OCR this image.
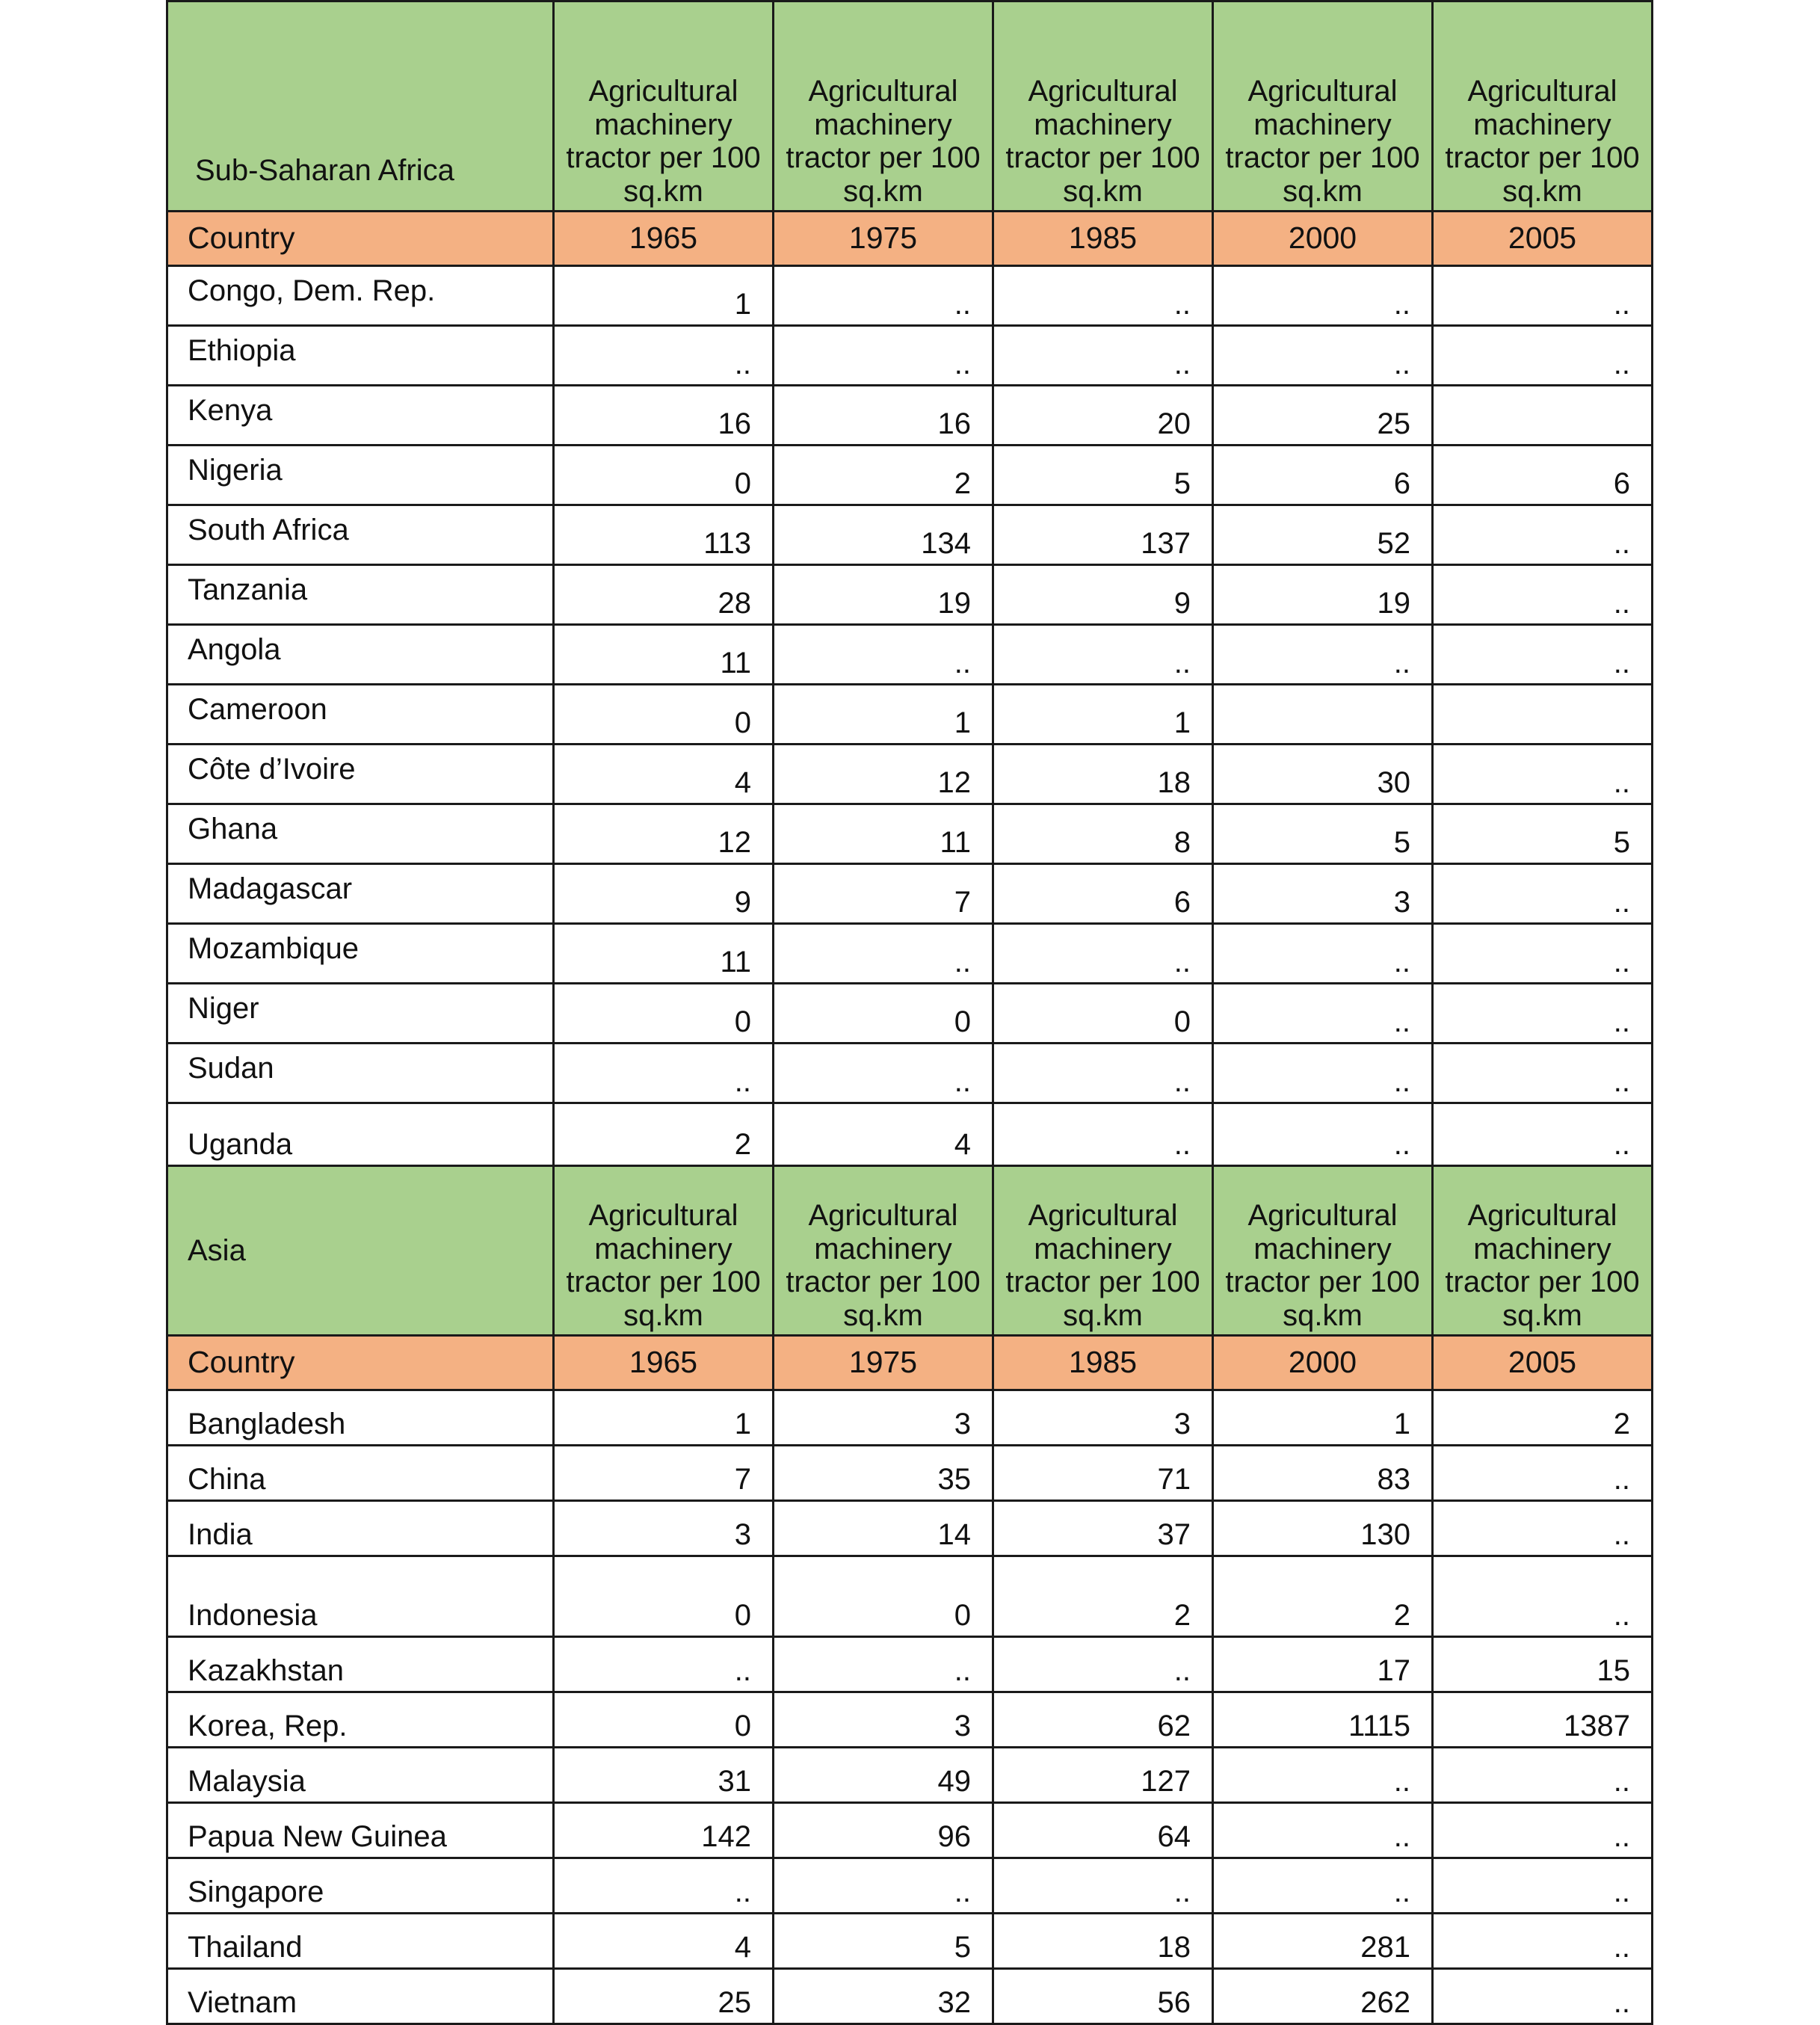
Sub-Saharan Africa	Agricultural machinery tractor per 100 sq.km	Agricultural machinery tractor per 100 sq.km	Agricultural machinery tractor per 100 sq.km	Agricultural machinery tractor per 100 sq.km	Agricultural machinery tractor per 100 sq.km
Country	1965	1975	1985	2000	2005
Congo, Dem. Rep.	1	..	..	..	..
Ethiopia	..	..	..	..	..
Kenya	16	16	20	25	
Nigeria	0	2	5	6	6
South Africa	113	134	137	52	..
Tanzania	28	19	9	19	..
Angola	11	..	..	..	..
Cameroon	0	1	1		
Côte d’Ivoire	4	12	18	30	..
Ghana	12	11	8	5	5
Madagascar	9	7	6	3	..
Mozambique	11	..	..	..	..
Niger	0	0	0	..	..
Sudan	..	..	..	..	..
Uganda	2	4	..	..	..
Asia	Agricultural machinery tractor per 100 sq.km	Agricultural machinery tractor per 100 sq.km	Agricultural machinery tractor per 100 sq.km	Agricultural machinery tractor per 100 sq.km	Agricultural machinery tractor per 100 sq.km
Country	1965	1975	1985	2000	2005
Bangladesh	1	3	3	1	2
China	7	35	71	83	..
India	3	14	37	130	..
Indonesia	0	0	2	2	..
Kazakhstan	..	..	..	17	15
Korea, Rep.	0	3	62	1115	1387
Malaysia	31	49	127	..	..
Papua New Guinea	142	96	64	..	..
Singapore	..	..	..	..	..
Thailand	4	5	18	281	..
Vietnam	25	32	56	262	..
